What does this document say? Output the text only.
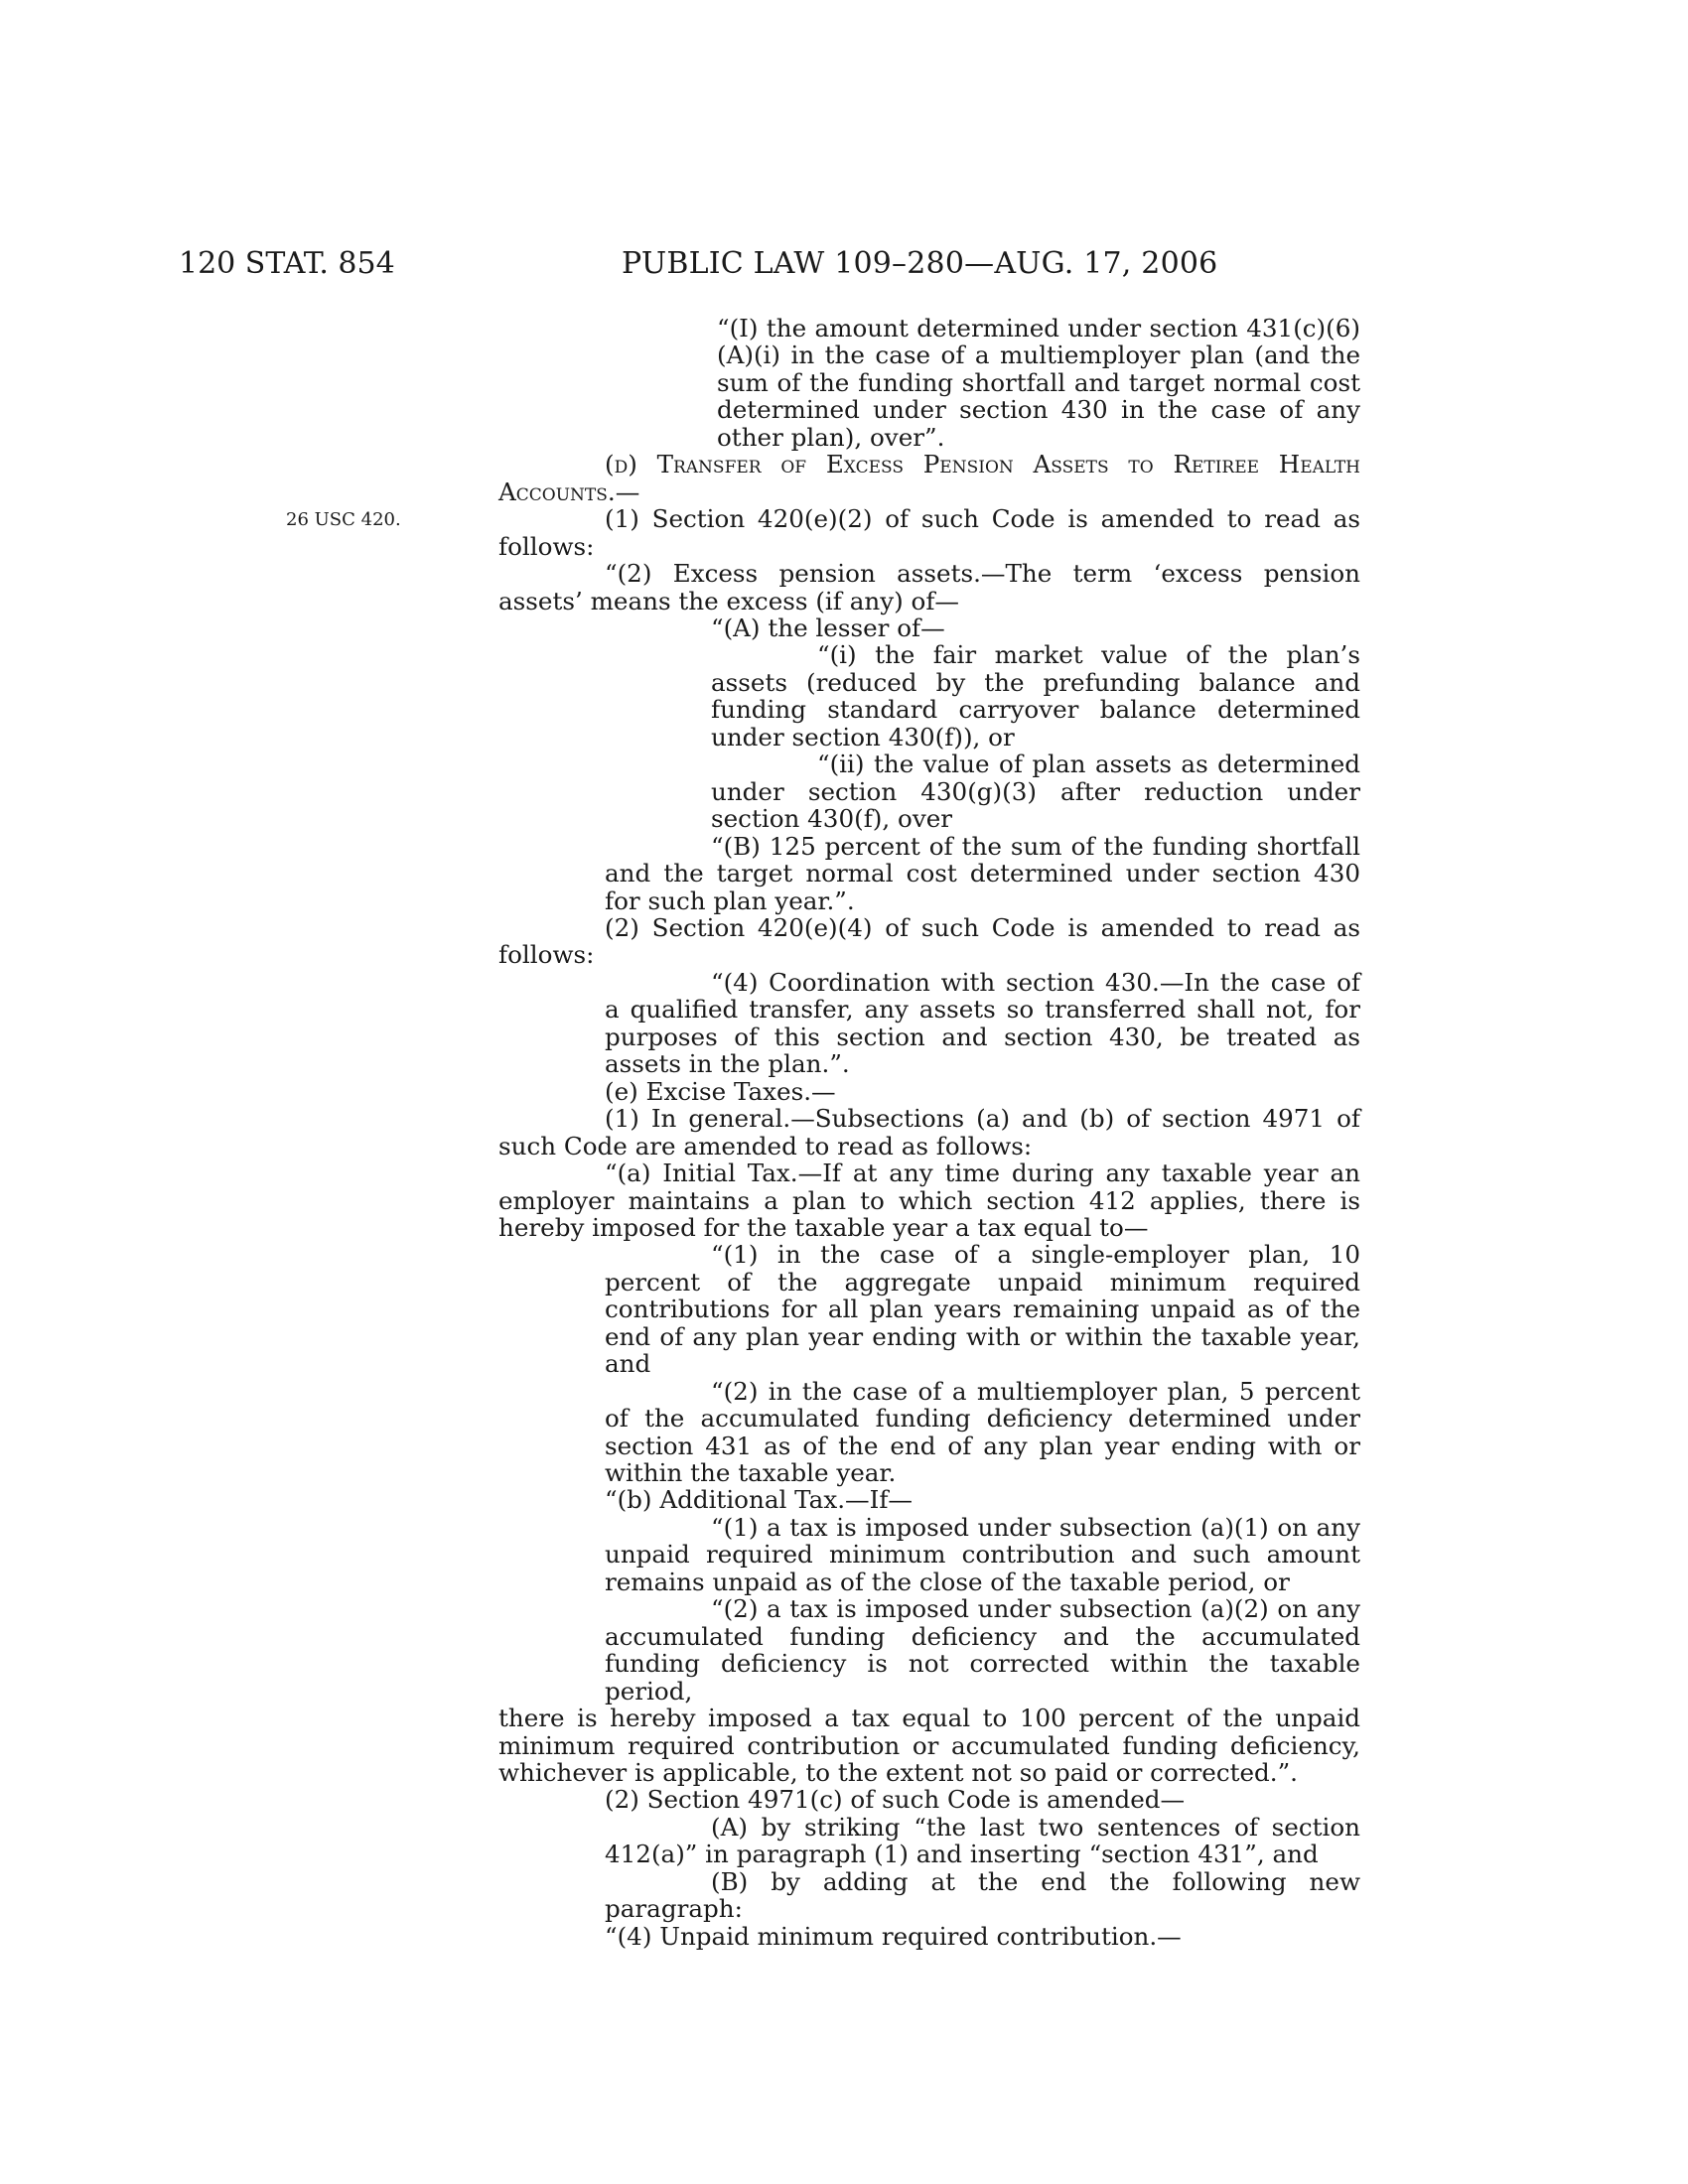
120 STAT. 854	PUBLIC LAW 109–280—AUG. 17, 2006
26 USC 420.

“(I) the amount determined under section 431(c)(6)(A)(i) in the case of a multiemployer plan (and the sum of the funding shortfall and target normal cost determined under section 430 in the case of any other plan), over”.

(d) Transfer of Excess Pension Assets to Retiree Health Accounts.—

(1) Section 420(e)(2) of such Code is amended to read as follows:

“(2) Excess pension assets.—The term ‘excess pension assets’ means the excess (if any) of—

“(A) the lesser of—

“(i) the fair market value of the plan’s assets (reduced by the prefunding balance and funding standard carryover balance determined under section 430(f)), or

“(ii) the value of plan assets as determined under section 430(g)(3) after reduction under section 430(f), over

“(B) 125 percent of the sum of the funding shortfall and the target normal cost determined under section 430 for such plan year.”.

(2) Section 420(e)(4) of such Code is amended to read as follows:

“(4) Coordination with section 430.—In the case of a qualified transfer, any assets so transferred shall not, for purposes of this section and section 430, be treated as assets in the plan.”.

(e) Excise Taxes.—

(1) In general.—Subsections (a) and (b) of section 4971 of such Code are amended to read as follows:

“(a) Initial Tax.—If at any time during any taxable year an employer maintains a plan to which section 412 applies, there is hereby imposed for the taxable year a tax equal to—

“(1) in the case of a single-employer plan, 10 percent of the aggregate unpaid minimum required contributions for all plan years remaining unpaid as of the end of any plan year ending with or within the taxable year, and

“(2) in the case of a multiemployer plan, 5 percent of the accumulated funding deficiency determined under section 431 as of the end of any plan year ending with or within the taxable year.

“(b) Additional Tax.—If—

“(1) a tax is imposed under subsection (a)(1) on any unpaid required minimum contribution and such amount remains unpaid as of the close of the taxable period, or

“(2) a tax is imposed under subsection (a)(2) on any accumulated funding deficiency and the accumulated funding deficiency is not corrected within the taxable period,

there is hereby imposed a tax equal to 100 percent of the unpaid minimum required contribution or accumulated funding deficiency, whichever is applicable, to the extent not so paid or corrected.”.

(2) Section 4971(c) of such Code is amended—

(A) by striking “the last two sentences of section 412(a)” in paragraph (1) and inserting “section 431”, and

(B) by adding at the end the following new paragraph:

“(4) Unpaid minimum required contribution.—
